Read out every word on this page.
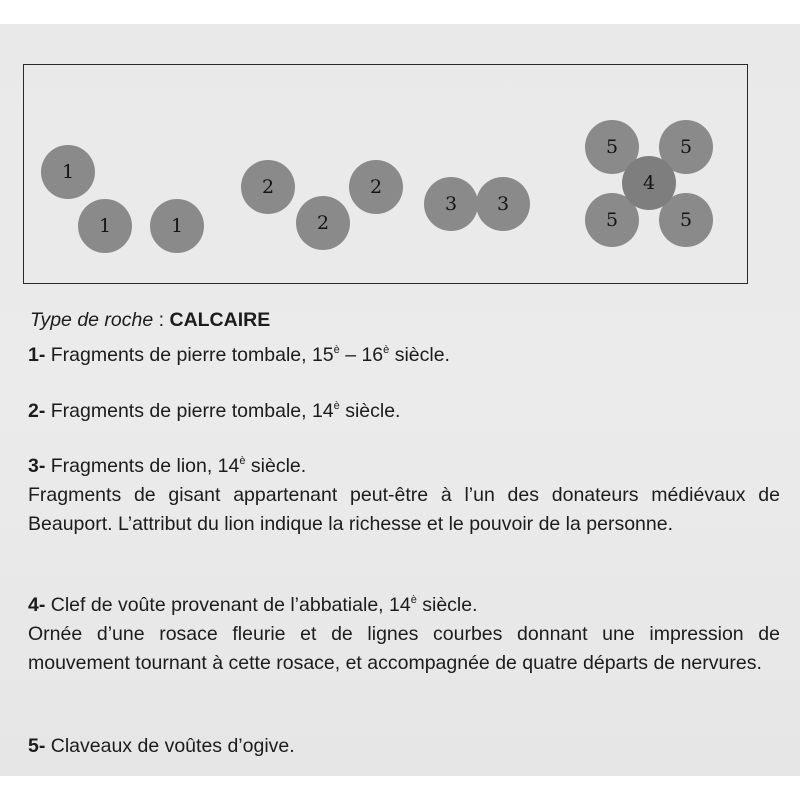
1
1	1
2
2
2
3	3
5	5
5	5
4
Type de roche : CALCAIRE
1- Fragments de pierre tombale, $15^è - 16^è$ siècle.
2- Fragments de pierre tombale, $14^è$ siècle.
3- Fragments de lion, $14^è$ siècle.
Fragments de gisant appartenant peut-être à l’un des donateurs médiévaux de Beauport. L’attribut du lion indique la richesse et le pouvoir de la personne.
4- Clef de voûte provenant de l’abbatiale, $14^è$ siècle.
Ornée d’une rosace fleurie et de lignes courbes donnant une impression de mouvement tournant à cette rosace, et accompagnée de quatre départs de nervures.
5- Claveaux de voûtes d’ogive.
